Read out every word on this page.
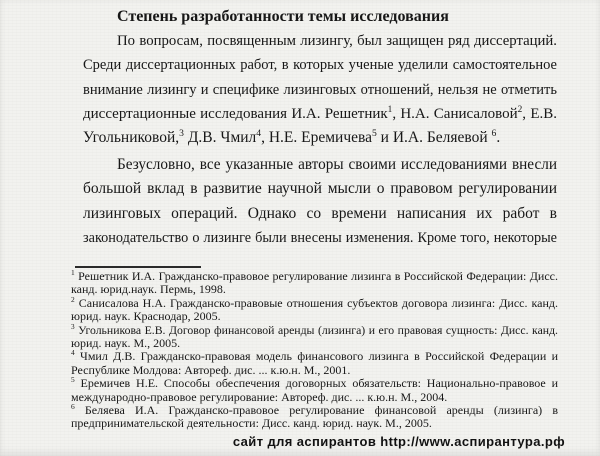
Степень разработанности темы исследования
По вопросам, посвященным лизингу, был защищен ряд диссертаций.
Среди диссертационных работ, в которых ученые уделили самостоятельное
внимание лизингу и специфике лизинговых отношений, нельзя не отметить
диссертационные исследования И.А. Решетник$^1$, Н.А. Санисаловой$^2$, Е.В.
Угольниковой,$^3$ Д.В. Чмил$^4$, Н.Е. Еремичева$^5$ и И.А. Беляевой $^6$.
Безусловно, все указанные авторы своими исследованиями внесли
большой вклад в развитие научной мысли о правовом регулировании
лизинговых операций. Однако со времени написания их работ в
законодательство о лизинге были внесены изменения. Кроме того, некоторые
$^1$ Решетник И.А. Гражданско-правовое регулирование лизинга в Российской Федерации: Дисс.
канд. юрид.наук. Пермь, 1998.
$^2$ Санисалова Н.А. Гражданско-правовые отношения субъектов договора лизинга: Дисс. канд.
юрид. наук. Краснодар, 2005.
$^3$ Угольникова Е.В. Договор финансовой аренды (лизинга) и его правовая сущность: Дисс. канд.
юрид. наук. М., 2005.
$^4$ Чмил Д.В. Гражданско-правовая модель финансового лизинга в Российской Федерации и
Республике Молдова: Автореф. дис. ... к.ю.н. М., 2001.
$^5$ Еремичев Н.Е. Способы обеспечения договорных обязательств: Национально-правовое и
международно-правовое регулирование: Автореф. дис. ... к.ю.н. М., 2004.
$^6$ Беляева И.А. Гражданско-правовое регулирование финансовой аренды (лизинга) в
предпринимательской деятельности: Дисс. канд. юрид. наук. М., 2005.
сайт для аспирантов http://www.аспирантура.рф
